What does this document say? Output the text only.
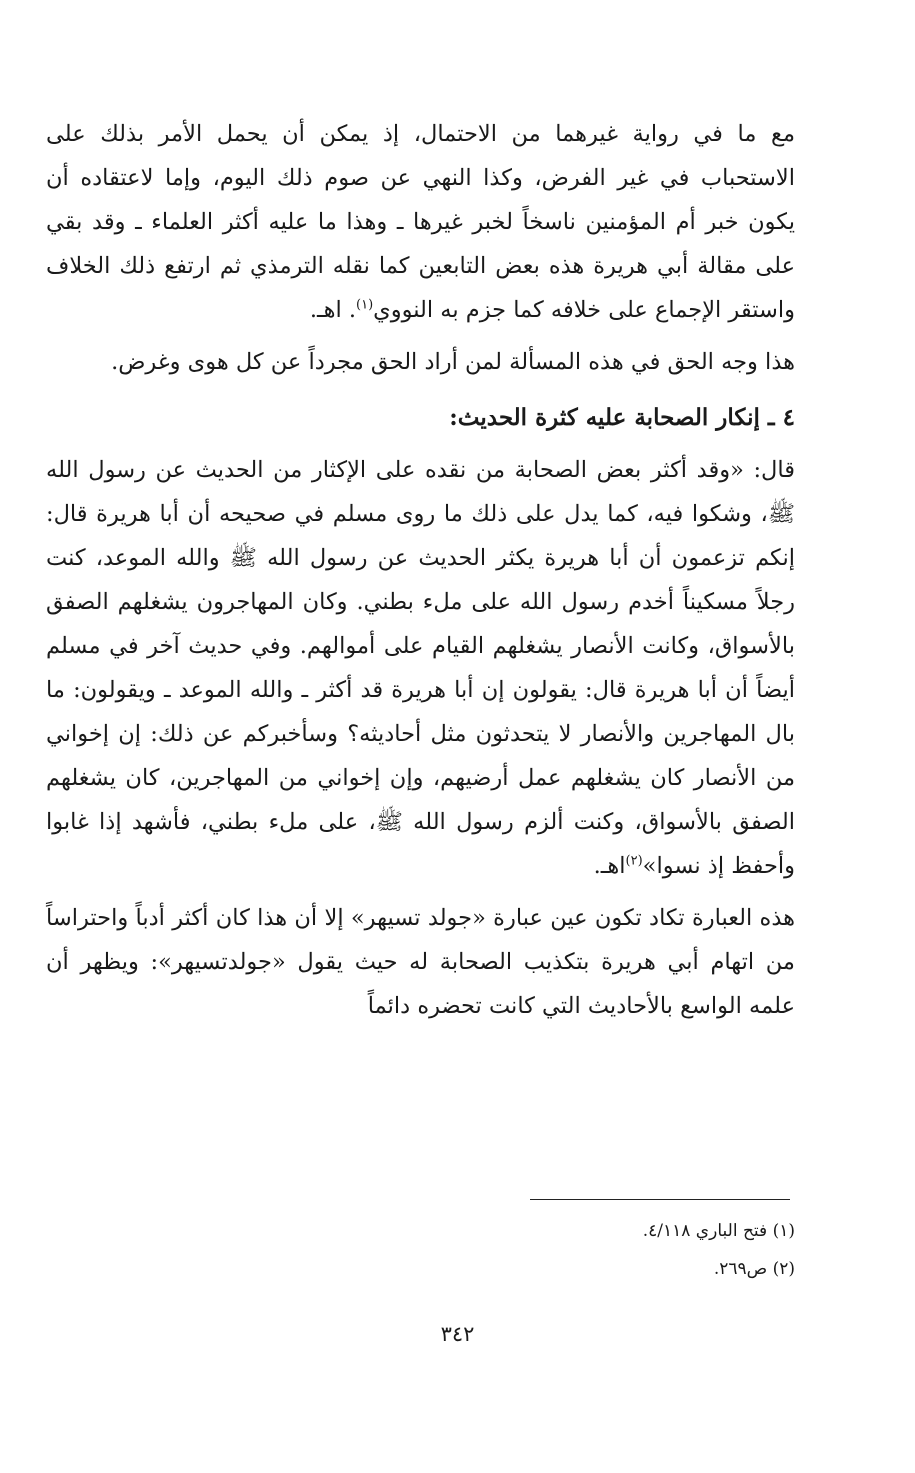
مع ما في رواية غيرهما من الاحتمال، إذ يمكن أن يحمل الأمر بذلك على الاستحباب في غير الفرض، وكذا النهي عن صوم ذلك اليوم، وإما لاعتقاده أن يكون خبر أم المؤمنين ناسخاً لخبر غيرها ـ وهذا ما عليه أكثر العلماء ـ وقد بقي على مقالة أبي هريرة هذه بعض التابعين كما نقله الترمذي ثم ارتفع ذلك الخلاف واستقر الإجماع على خلافه كما جزم به النووي$^{(١)}$. اهـ.

هذا وجه الحق في هذه المسألة لمن أراد الحق مجرداً عن كل هوى وغرض.

٤ ـ إنكار الصحابة عليه كثرة الحديث:

قال: «وقد أكثر بعض الصحابة من نقده على الإكثار من الحديث عن رسول الله ﷺ، وشكوا فيه، كما يدل على ذلك ما روى مسلم في صحيحه أن أبا هريرة قال: إنكم تزعمون أن أبا هريرة يكثر الحديث عن رسول الله ﷺ والله الموعد، كنت رجلاً مسكيناً أخدم رسول الله على ملء بطني. وكان المهاجرون يشغلهم الصفق بالأسواق، وكانت الأنصار يشغلهم القيام على أموالهم. وفي حديث آخر في مسلم أيضاً أن أبا هريرة قال: يقولون إن أبا هريرة قد أكثر ـ والله الموعد ـ ويقولون: ما بال المهاجرين والأنصار لا يتحدثون مثل أحاديثه؟ وسأخبركم عن ذلك: إن إخواني من الأنصار كان يشغلهم عمل أرضيهم، وإن إخواني من المهاجرين، كان يشغلهم الصفق بالأسواق، وكنت ألزم رسول الله ﷺ، على ملء بطني، فأشهد إذا غابوا وأحفظ إذ نسوا»$^{(٢)}$اهـ.

هذه العبارة تكاد تكون عين عبارة «جولد تسيهر» إلا أن هذا كان أكثر أدباً واحتراساً من اتهام أبي هريرة بتكذيب الصحابة له حيث يقول «جولدتسيهر»: ويظهر أن علمه الواسع بالأحاديث التي كانت تحضره دائماً

(١) فتح الباري ٤/١١٨.

(٢) ص٢٦٩.

٣٤٢
